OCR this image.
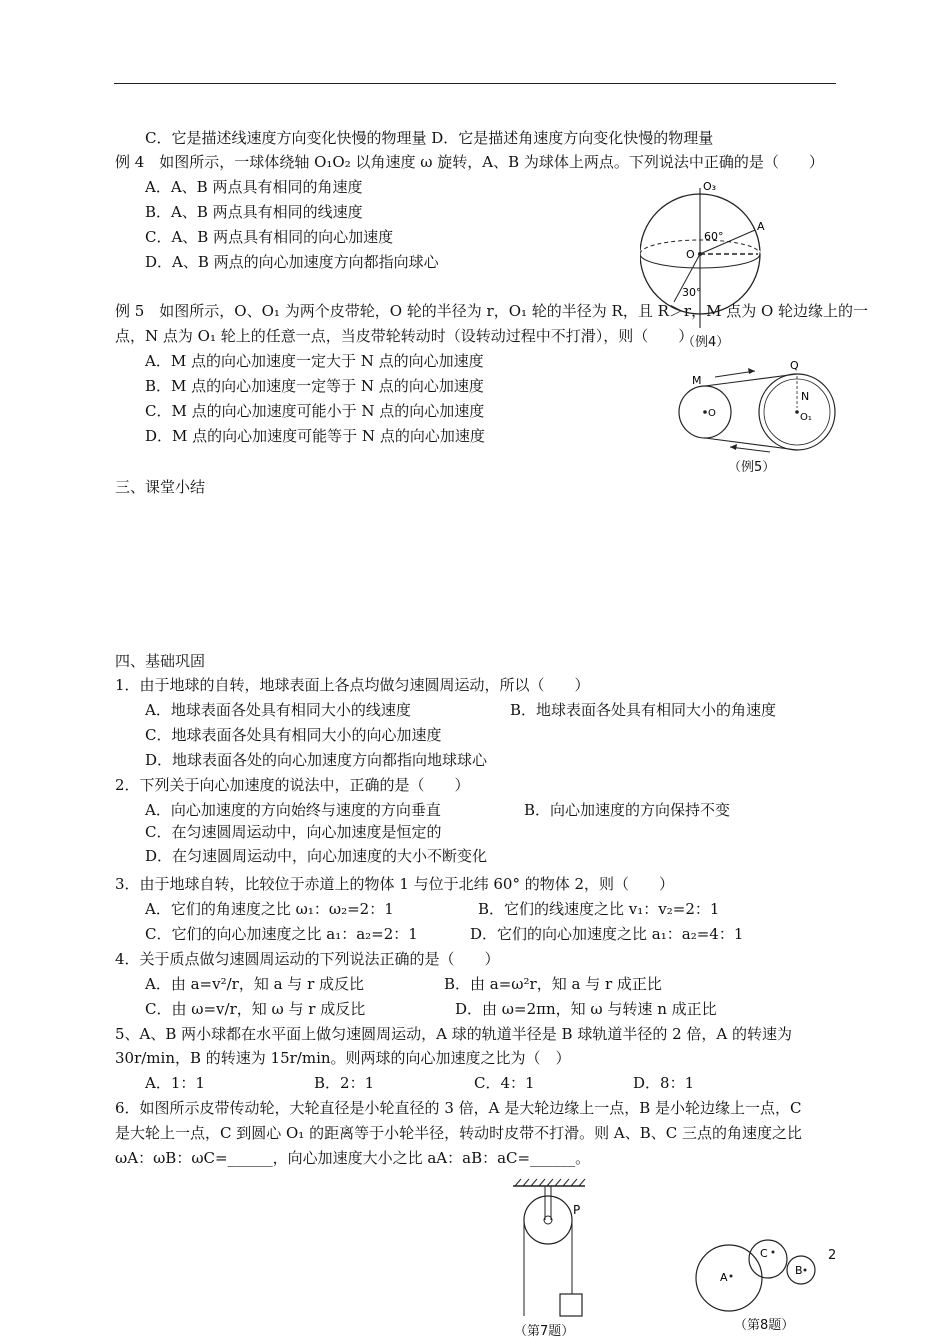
C．它是描述线速度方向变化快慢的物理量 D．它是描述角速度方向变化快慢的物理量
例 4　如图所示，一球体绕轴 O₁O₂ 以角速度 ω 旋转，A、B 为球体上两点。下列说法中正确的是（　　）
A．A、B 两点具有相同的角速度
B．A、B 两点具有相同的线速度
C．A、B 两点具有相同的向心加速度
D．A、B 两点的向心加速度方向都指向球心
例 5　如图所示，O、O₁ 为两个皮带轮，O 轮的半径为 r，O₁ 轮的半径为 R，且 R＞r，M 点为 O 轮边缘上的一
点，N 点为 O₁ 轮上的任意一点，当皮带轮转动时（设转动过程中不打滑），则（　　）
A．M 点的向心加速度一定大于 N 点的向心加速度
B．M 点的向心加速度一定等于 N 点的向心加速度
C．M 点的向心加速度可能小于 N 点的向心加速度
D．M 点的向心加速度可能等于 N 点的向心加速度
三、课堂小结
四、基础巩固
1．由于地球的自转，地球表面上各点均做匀速圆周运动，所以（　　）
A．地球表面各处具有相同大小的线速度	B．地球表面各处具有相同大小的角速度
C．地球表面各处具有相同大小的向心加速度
D．地球表面各处的向心加速度方向都指向地球球心
2．下列关于向心加速度的说法中，正确的是（　　）
A．向心加速度的方向始终与速度的方向垂直	B．向心加速度的方向保持不变
C．在匀速圆周运动中，向心加速度是恒定的
D．在匀速圆周运动中，向心加速度的大小不断变化
3．由于地球自转，比较位于赤道上的物体 1 与位于北纬 60° 的物体 2，则（　　）
A．它们的角速度之比 ω₁：ω₂=2：1	B．它们的线速度之比 v₁：v₂=2：1
C．它们的向心加速度之比 a₁：a₂=2：1	D．它们的向心加速度之比 a₁：a₂=4：1
4．关于质点做匀速圆周运动的下列说法正确的是（　　）
A．由 a=v²/r，知 a 与 r 成反比	B．由 a=ω²r，知 a 与 r 成正比
C．由 ω=v/r，知 ω 与 r 成反比	D．由 ω=2πn，知 ω 与转速 n 成正比
5、A、B 两小球都在水平面上做匀速圆周运动，A 球的轨道半径是 B 球轨道半径的 2 倍，A 的转速为
30r/min，B 的转速为 15r/min。则两球的向心加速度之比为（　）
A．1：1	B．2：1	C．4：1	D．8：1
6．如图所示皮带传动轮，大轮直径是小轮直径的 3 倍，A 是大轮边缘上一点，B 是小轮边缘上一点，C
是大轮上一点，C 到圆心 O₁ 的距离等于小轮半径，转动时皮带不打滑。则 A、B、C 三点的角速度之比
ωA：ωB：ωC=______，向心加速度大小之比 aA：aB：aC=______。
O₃
A
60°
O
30°
（例4）
M
Q
N
O	O₁
（例5）
P
（第7题）
A
C
B
（第8题）
2
